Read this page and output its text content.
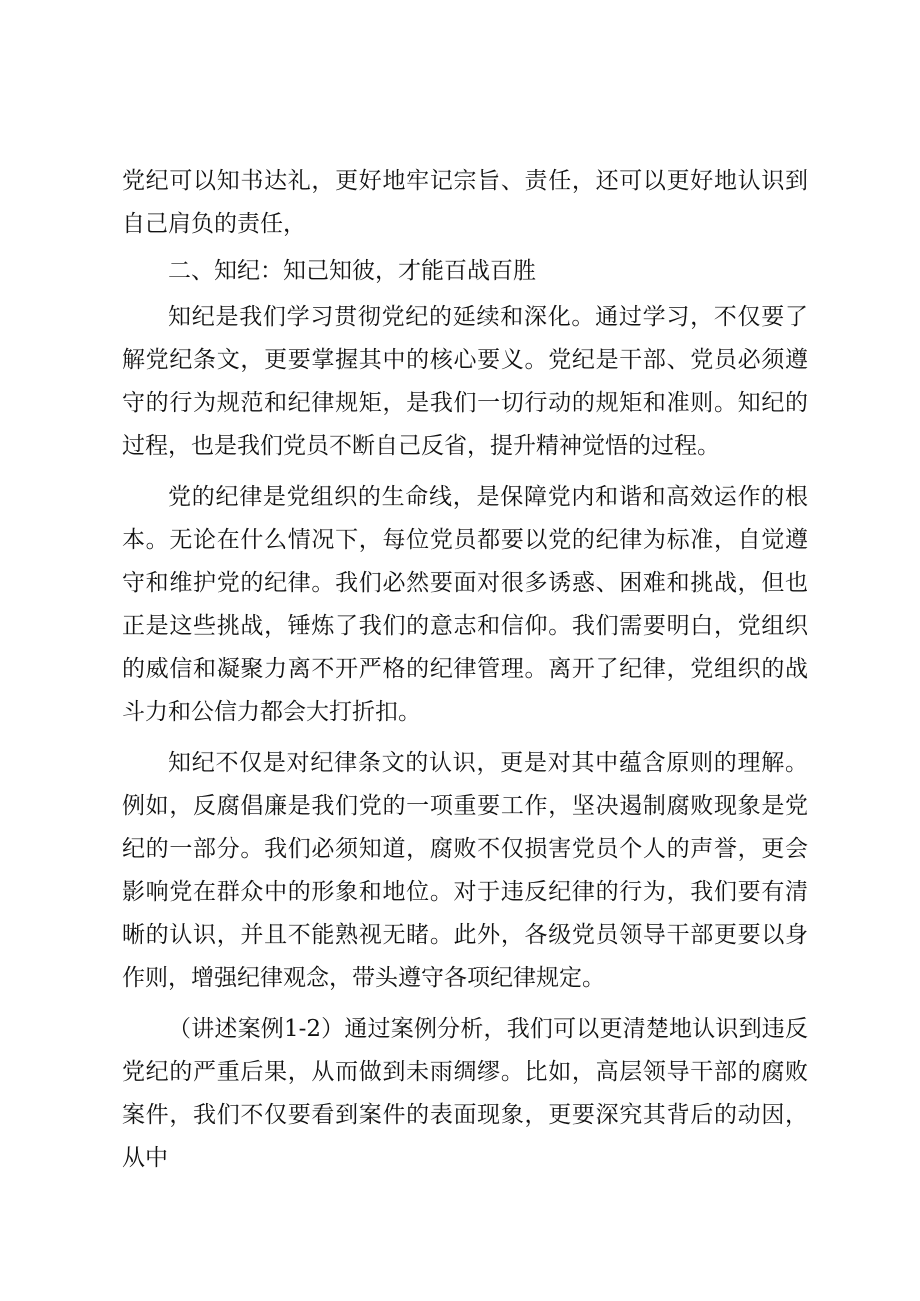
党纪可以知书达礼，更好地牢记宗旨、责任，还可以更好地认识到自己肩负的责任，

二、知纪：知己知彼，才能百战百胜

知纪是我们学习贯彻党纪的延续和深化。通过学习，不仅要了解党纪条文，更要掌握其中的核心要义。党纪是干部、党员必须遵守的行为规范和纪律规矩，是我们一切行动的规矩和准则。知纪的过程，也是我们党员不断自己反省，提升精神觉悟的过程。

党的纪律是党组织的生命线，是保障党内和谐和高效运作的根本。无论在什么情况下，每位党员都要以党的纪律为标准，自觉遵守和维护党的纪律。我们必然要面对很多诱惑、困难和挑战，但也正是这些挑战，锤炼了我们的意志和信仰。我们需要明白，党组织的威信和凝聚力离不开严格的纪律管理。离开了纪律，党组织的战斗力和公信力都会大打折扣。

知纪不仅是对纪律条文的认识，更是对其中蕴含原则的理解。例如，反腐倡廉是我们党的一项重要工作，坚决遏制腐败现象是党纪的一部分。我们必须知道，腐败不仅损害党员个人的声誉，更会影响党在群众中的形象和地位。对于违反纪律的行为，我们要有清晰的认识，并且不能熟视无睹。此外，各级党员领导干部更要以身作则，增强纪律观念，带头遵守各项纪律规定。

（讲述案例1-2）通过案例分析，我们可以更清楚地认识到违反党纪的严重后果，从而做到未雨绸缪。比如，高层领导干部的腐败案件，我们不仅要看到案件的表面现象，更要深究其背后的动因，从中
